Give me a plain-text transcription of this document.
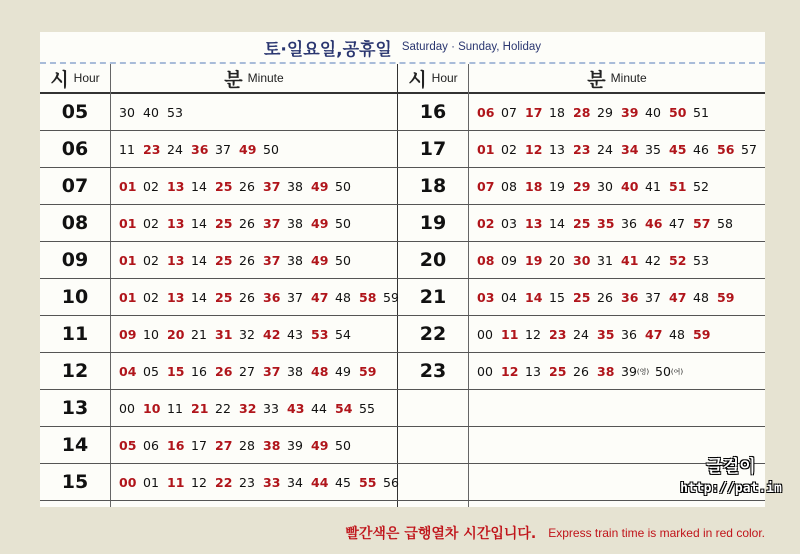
토·일요일,공휴일 Saturday · Sunday, Holiday
시 Hour	분 Minute	시 Hour	분 Minute
05	30 40 53	16	06 07 17 18 28 29 39 40 50 51
06	11 23 24 36 37 49 50	17	01 02 12 13 23 24 34 35 45 46 56 57
07	01 02 13 14 25 26 37 38 49 50	18	07 08 18 19 29 30 40 41 51 52
08	01 02 13 14 25 26 37 38 49 50	19	02 03 13 14 25 35 36 46 47 57 58
09	01 02 13 14 25 26 37 38 49 50	20	08 09 19 20 30 31 41 42 52 53
10	01 02 13 14 25 26 36 37 47 48 58 59	21	03 04 14 15 25 26 36 37 47 48 59
11	09 10 20 21 31 32 42 43 53 54	22	00 11 12 23 24 35 36 47 48 59
12	04 05 15 16 26 27 37 38 48 49 59	23	00 12 13 25 26 38 39(영) 50(여)
13	00 10 11 21 22 32 33 43 44 54 55
14	05 06 16 17 27 28 38 39 49 50
15	00 01 11 12 22 23 33 34 44 45 55 56
빨간색은 급행열차 시간입니다. Express train time is marked in red color.
글걸이
http://pat.im
